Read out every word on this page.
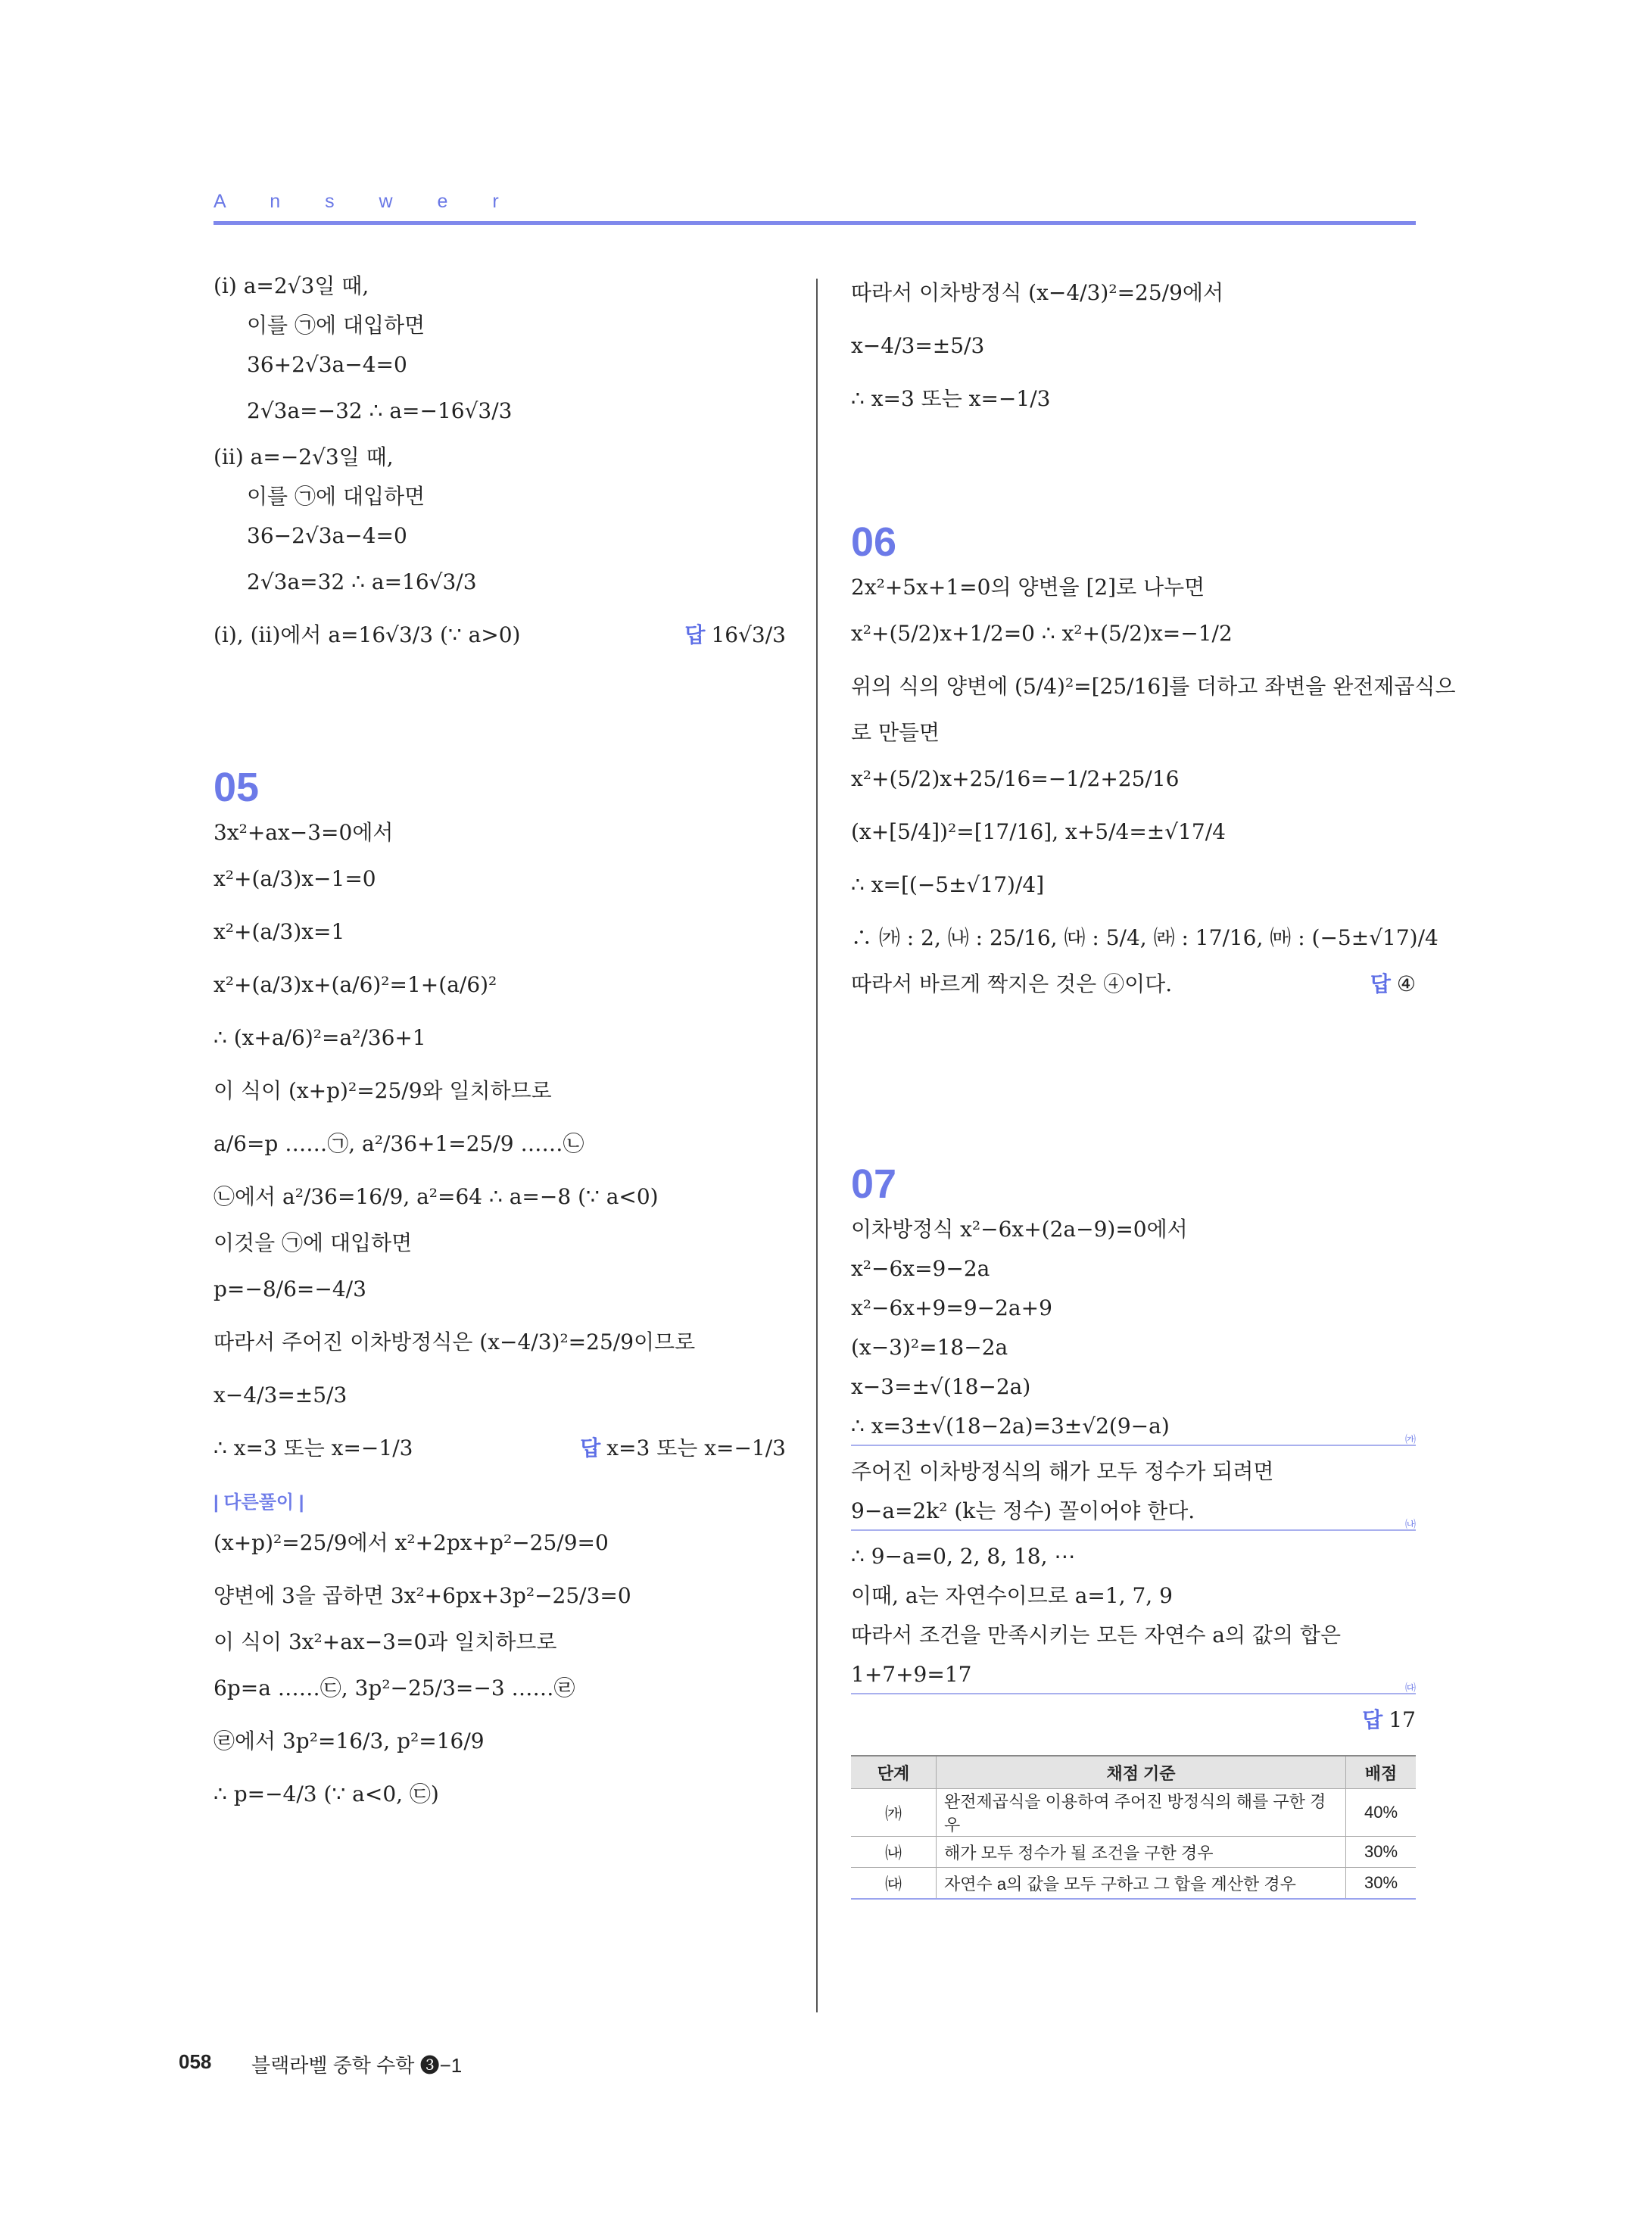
A n s w e r
(ⅰ) a=2√3일 때,
이를 ㉠에 대입하면
36+2√3a−4=0
2√3a=−32 ∴ a=−16√3/3
(ⅱ) a=−2√3일 때,
이를 ㉠에 대입하면
36−2√3a−4=0
2√3a=32 ∴ a=16√3/3
(ⅰ), (ⅱ)에서 a=16√3/3 (∵ a>0)	답 16√3/3
05
3x²+ax−3=0에서
x²+(a/3)x−1=0
x²+(a/3)x=1
x²+(a/3)x+(a/6)²=1+(a/6)²
∴ (x+a/6)²=a²/36+1
이 식이 (x+p)²=25/9와 일치하므로
a/6=p ……㉠, a²/36+1=25/9 ……㉡
㉡에서 a²/36=16/9, a²=64 ∴ a=−8 (∵ a<0)
이것을 ㉠에 대입하면
p=−8/6=−4/3
따라서 주어진 이차방정식은 (x−4/3)²=25/9이므로
x−4/3=±5/3
∴ x=3 또는 x=−1/3	답 x=3 또는 x=−1/3
| 다른풀이 |
(x+p)²=25/9에서 x²+2px+p²−25/9=0
양변에 3을 곱하면 3x²+6px+3p²−25/3=0
이 식이 3x²+ax−3=0과 일치하므로
6p=a ……㉢, 3p²−25/3=−3 ……㉣
㉣에서 3p²=16/3, p²=16/9
∴ p=−4/3 (∵ a<0, ㉢)
따라서 이차방정식 (x−4/3)²=25/9에서
x−4/3=±5/3
∴ x=3 또는 x=−1/3
06
2x²+5x+1=0의 양변을 [2]로 나누면
x²+(5/2)x+1/2=0 ∴ x²+(5/2)x=−1/2
위의 식의 양변에 (5/4)²=[25/16]를 더하고 좌변을 완전제곱식으
로 만들면
x²+(5/2)x+25/16=−1/2+25/16
(x+[5/4])²=[17/16], x+5/4=±√17/4
∴ x=[(−5±√17)/4]
∴ ㈎ : 2, ㈏ : 25/16, ㈐ : 5/4, ㈑ : 17/16, ㈒ : (−5±√17)/4
따라서 바르게 짝지은 것은 ④이다.	답 ④
07
이차방정식 x²−6x+(2a−9)=0에서
x²−6x=9−2a
x²−6x+9=9−2a+9
(x−3)²=18−2a
x−3=±√(18−2a)
∴ x=3±√(18−2a)=3±√2(9−a)
㈎
주어진 이차방정식의 해가 모두 정수가 되려면
9−a=2k² (k는 정수) 꼴이어야 한다.
㈏
∴ 9−a=0, 2, 8, 18, ⋯
이때, a는 자연수이므로 a=1, 7, 9
따라서 조건을 만족시키는 모든 자연수 a의 값의 합은
1+7+9=17
㈐
답 17
단계	채점 기준	배점
㈎	완전제곱식을 이용하여 주어진 방정식의 해를 구한 경우	40%
㈏	해가 모두 정수가 될 조건을 구한 경우	30%
㈐	자연수 a의 값을 모두 구하고 그 합을 계산한 경우	30%
058 블랙라벨 중학 수학 ❸−1
